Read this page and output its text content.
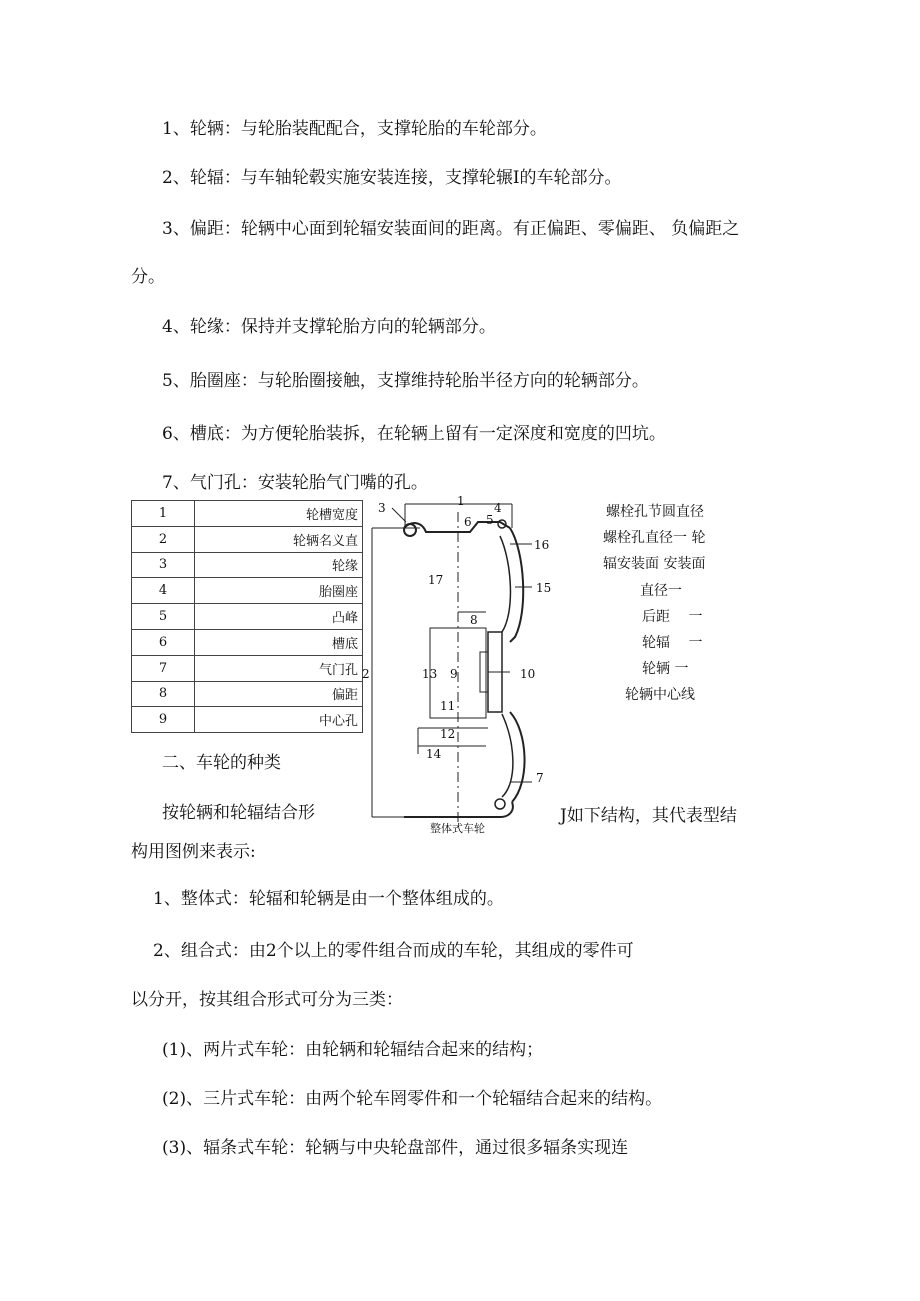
1、轮辆：与轮胎装配配合，支撑轮胎的车轮部分。
2、轮辐：与车轴轮毂实施安装连接，支撑轮辗I的车轮部分。
3、偏距：轮辆中心面到轮辐安装面间的距离。有正偏距、零偏距、 负偏距之
分。
4、轮缘：保持并支撑轮胎方向的轮辆部分。
5、胎圈座：与轮胎圈接触，支撑维持轮胎半径方向的轮辆部分。
6、槽底：为方便轮胎装拆，在轮辆上留有一定深度和宽度的凹坑。
7、气门孔：安装轮胎气门嘴的孔。
1	轮槽宽度
2	轮辆名义直
3	轮缘
4	胎圈座
5	凸峰
6	槽底
7	气门孔
8	偏距
9	中心孔
1
2
3	4
5
6
7
8
9	10
11
12
13
14
15
16
17
整体式车轮
螺栓孔节圆直径
螺栓孔直径一 轮
辐安装面 安装面
直径一
后距　 一
轮辐　 一
轮辆 一
轮辆中心线
二、车轮的种类
按轮辆和轮辐结合形	J如下结构，其代表型结
构用图例来表示:
1、整体式：轮辐和轮辆是由一个整体组成的。
2、组合式：由2个以上的零件组合而成的车轮，其组成的零件可
以分开，按其组合形式可分为三类：
(1)、两片式车轮：由轮辆和轮辐结合起来的结构；
(2)、三片式车轮：由两个轮车罔零件和一个轮辐结合起来的结构。
(3)、辐条式车轮：轮辆与中央轮盘部件，通过很多辐条实现连
